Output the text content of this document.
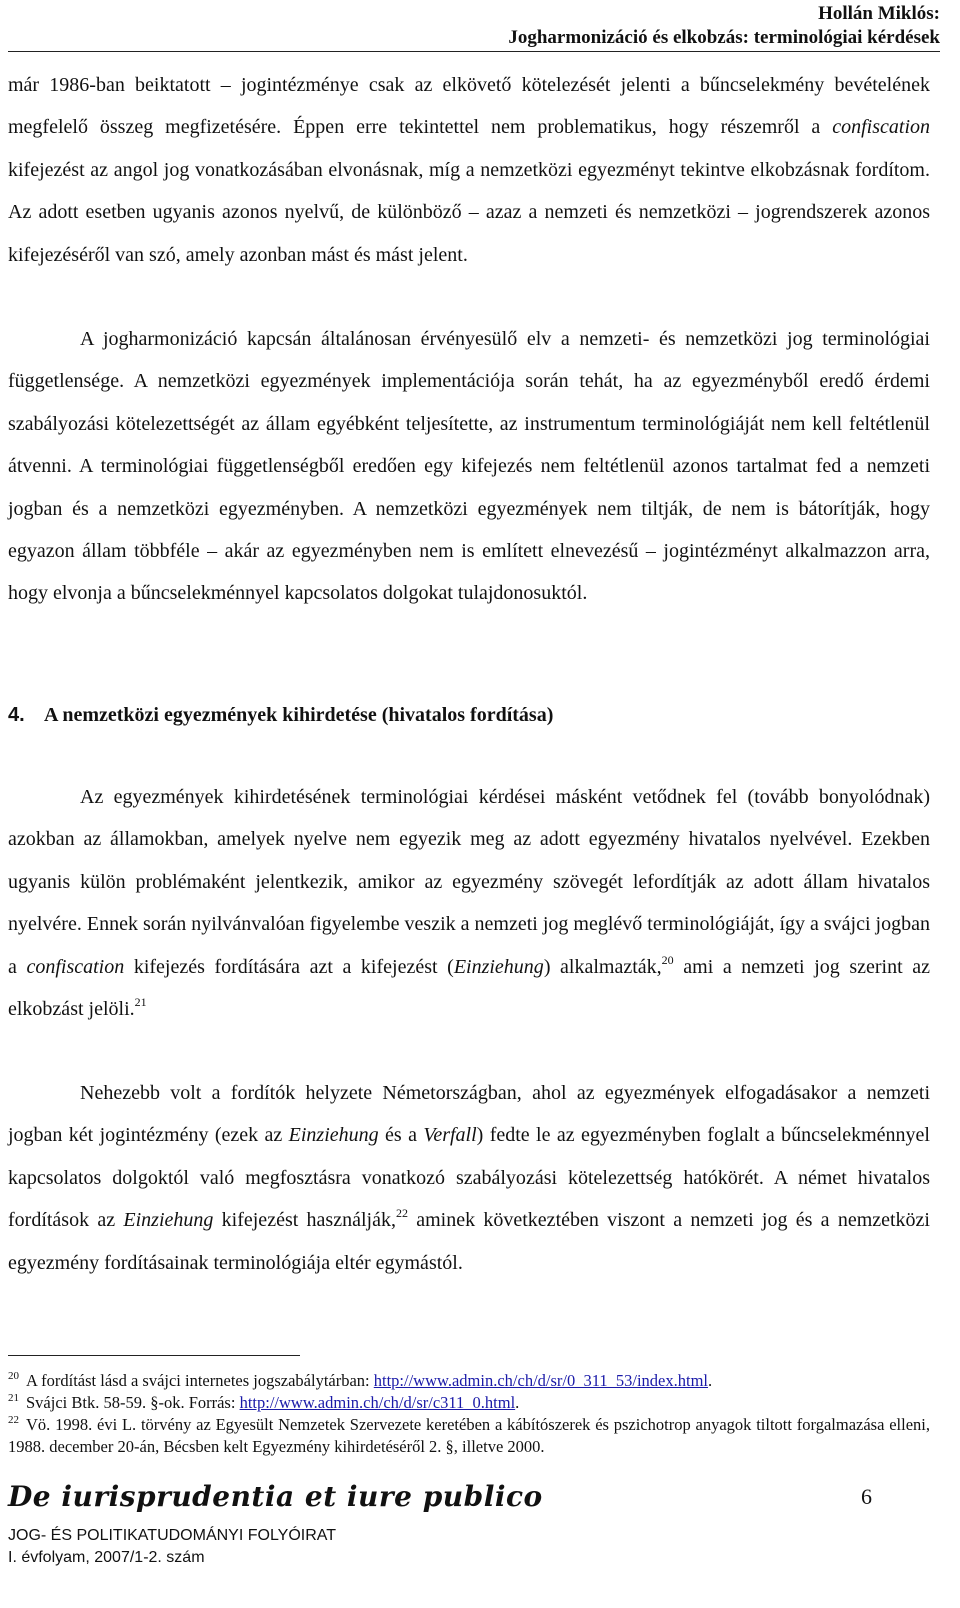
Hollán Miklós:
Jogharmonizáció és elkobzás: terminológiai kérdések

már 1986-ban beiktatott – jogintézménye csak az elkövető kötelezését jelenti a bűncselekmény bevételének megfelelő összeg megfizetésére. Éppen erre tekintettel nem problematikus, hogy részemről a confiscation kifejezést az angol jog vonatkozásában elvonásnak, míg a nemzetközi egyezményt tekintve elkobzásnak fordítom. Az adott esetben ugyanis azonos nyelvű, de különböző – azaz a nemzeti és nemzetközi – jogrendszerek azonos kifejezéséről van szó, amely azonban mást és mást jelent.

A jogharmonizáció kapcsán általánosan érvényesülő elv a nemzeti- és nemzetközi jog terminológiai függetlensége. A nemzetközi egyezmények implementációja során tehát, ha az egyezményből eredő érdemi szabályozási kötelezettségét az állam egyébként teljesítette, az instrumentum terminológiáját nem kell feltétlenül átvenni. A terminológiai függetlenségből eredően egy kifejezés nem feltétlenül azonos tartalmat fed a nemzeti jogban és a nemzetközi egyezményben. A nemzetközi egyezmények nem tiltják, de nem is bátorítják, hogy egyazon állam többféle – akár az egyezményben nem is említett elnevezésű – jogintézményt alkalmazzon arra, hogy elvonja a bűncselekménnyel kapcsolatos dolgokat tulajdonosuktól.

4. A nemzetközi egyezmények kihirdetése (hivatalos fordítása)

Az egyezmények kihirdetésének terminológiai kérdései másként vetődnek fel (tovább bonyolódnak) azokban az államokban, amelyek nyelve nem egyezik meg az adott egyezmény hivatalos nyelvével. Ezekben ugyanis külön problémaként jelentkezik, amikor az egyezmény szövegét lefordítják az adott állam hivatalos nyelvére. Ennek során nyilvánvalóan figyelembe veszik a nemzeti jog meglévő terminológiáját, így a svájci jogban a confiscation kifejezés fordítására azt a kifejezést (Einziehung) alkalmazták,$^{20}$ ami a nemzeti jog szerint az elkobzást jelöli.$^{21}$

Nehezebb volt a fordítók helyzete Németországban, ahol az egyezmények elfogadásakor a nemzeti jogban két jogintézmény (ezek az Einziehung és a Verfall) fedte le az egyezményben foglalt a bűncselekménnyel kapcsolatos dolgoktól való megfosztásra vonatkozó szabályozási kötelezettség hatókörét. A német hivatalos fordítások az Einziehung kifejezést használják,$^{22}$ aminek következtében viszont a nemzeti jog és a nemzetközi egyezmény fordításainak terminológiája eltér egymástól.

$^{20}$ A fordítást lásd a svájci internetes jogszabálytárban: http://www.admin.ch/ch/d/sr/0_311_53/index.html.

$^{21}$ Svájci Btk. 58-59. §-ok. Forrás: http://www.admin.ch/ch/d/sr/c311_0.html.

$^{22}$ Vö. 1998. évi L. törvény az Egyesült Nemzetek Szervezete keretében a kábítószerek és pszichotrop anyagok tiltott forgalmazása elleni, 1988. december 20-án, Bécsben kelt Egyezmény kihirdetéséről 2. §, illetve 2000.

De iurisprudentia et iure publico	6
JOG- ÉS POLITIKATUDOMÁNYI FOLYÓIRAT
I. évfolyam, 2007/1-2. szám
